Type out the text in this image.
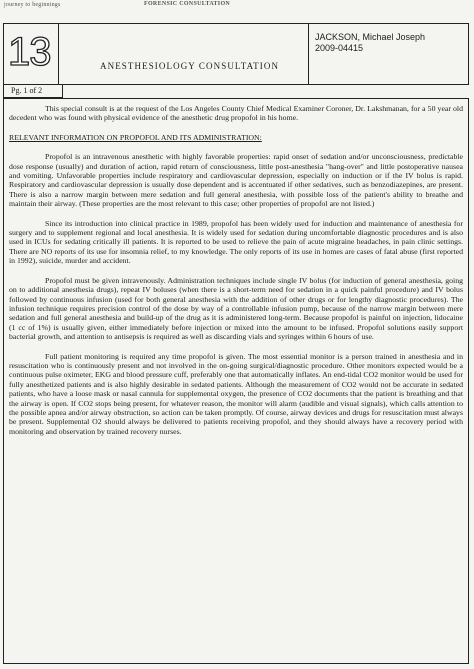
journey to beginnings	FORENSIC CONSULTATION
13	ANESTHESIOLOGY CONSULTATION
JACKSON, Michael Joseph
2009-04415
Pg. 1 of 2

This special consult is at the request of the Los Angeles County Chief Medical Examiner Coroner, Dr. Lakshmanan, for a 50 year old decedent who was found with physical evidence of the anesthetic drug propofol in his home.

RELEVANT INFORMATION ON PROPOFOL AND ITS ADMINISTRATION:

Propofol is an intravenous anesthetic with highly favorable properties: rapid onset of sedation and/or unconsciousness, predictable dose response (usually) and duration of action, rapid return of consciousness, little post-anesthesia "hang-over" and little postoperative nausea and vomiting. Unfavorable properties include respiratory and cardiovascular depression, especially on induction or if the IV bolus is rapid. Respiratory and cardiovascular depression is usually dose dependent and is accentuated if other sedatives, such as benzodiazepines, are present. There is also a narrow margin between mere sedation and full general anesthesia, with possible loss of the patient's ability to breathe and maintain their airway. (These properties are the most relevant to this case; other properties of propofol are not listed.)

Since its introduction into clinical practice in 1989, propofol has been widely used for induction and maintenance of anesthesia for surgery and to supplement regional and local anesthesia. It is widely used for sedation during uncomfortable diagnostic procedures and is also used in ICUs for sedating critically ill patients. It is reported to be used to relieve the pain of acute migraine headaches, in pain clinic settings. There are NO reports of its use for insomnia relief, to my knowledge. The only reports of its use in homes are cases of fatal abuse (first reported in 1992), suicide, murder and accident.

Propofol must be given intravenously. Administration techniques include single IV bolus (for induction of general anesthesia, going on to additional anesthesia drugs), repeat IV boluses (when there is a short-term need for sedation in a quick painful procedure) and IV bolus followed by continuous infusion (used for both general anesthesia with the addition of other drugs or for lengthy diagnostic procedures). The infusion technique requires precision control of the dose by way of a controllable infusion pump, because of the narrow margin between mere sedation and full general anesthesia and build-up of the drug as it is administered long-term. Because propofol is painful on injection, lidocaine (1 cc of 1%) is usually given, either immediately before injection or mixed into the amount to be infused. Propofol solutions easily support bacterial growth, and attention to antisepsis is required as well as discarding vials and syringes within 6 hours of use.

Full patient monitoring is required any time propofol is given. The most essential monitor is a person trained in anesthesia and in resuscitation who is continuously present and not involved in the on-going surgical/diagnostic procedure. Other monitors expected would be a continuous pulse oximeter, EKG and blood pressure cuff, preferably one that automatically inflates. An end-tidal CO2 monitor would be used for fully anesthetized patients and is also highly desirable in sedated patients. Although the measurement of CO2 would not be accurate in sedated patients, who have a loose mask or nasal cannula for supplemental oxygen, the presence of CO2 documents that the patient is breathing and that the airway is open. If CO2 stops being present, for whatever reason, the monitor will alarm (audible and visual signals), which calls attention to the possible apnea and/or airway obstruction, so action can be taken promptly. Of course, airway devices and drugs for resuscitation must always be present. Supplemental O2 should always be delivered to patients receiving propofol, and they should always have a recovery period with monitoring and observation by trained recovery nurses.
